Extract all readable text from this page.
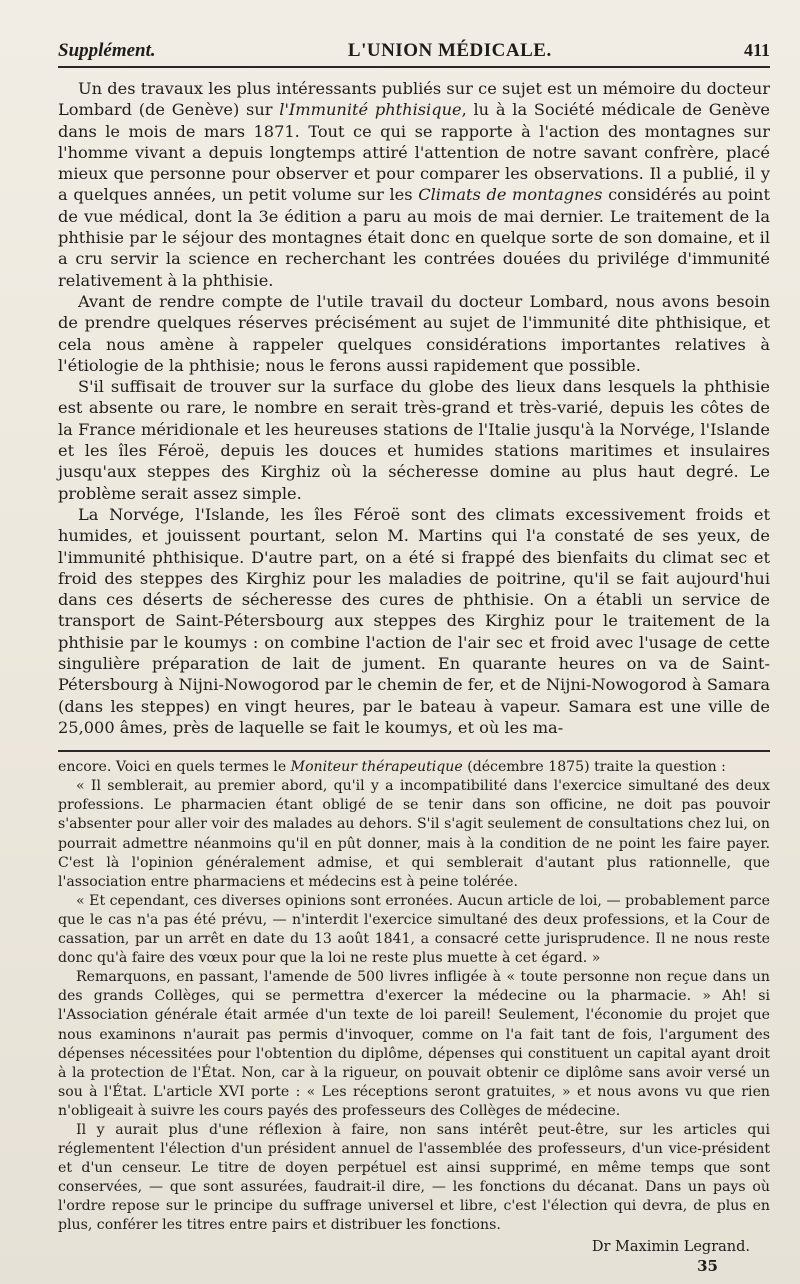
Supplément.	L'UNION MÉDICALE.	411

Un des travaux les plus intéressants publiés sur ce sujet est un mémoire du docteur Lombard (de Genève) sur l'Immunité phthisique, lu à la Société médicale de Genève dans le mois de mars 1871. Tout ce qui se rapporte à l'action des montagnes sur l'homme vivant a depuis longtemps attiré l'attention de notre savant confrère, placé mieux que personne pour observer et pour comparer les observations. Il a publié, il y a quelques années, un petit volume sur les Climats de montagnes considérés au point de vue médical, dont la 3e édition a paru au mois de mai dernier. Le traitement de la phthisie par le séjour des montagnes était donc en quelque sorte de son domaine, et il a cru servir la science en recherchant les contrées douées du privilége d'immunité relativement à la phthisie.

Avant de rendre compte de l'utile travail du docteur Lombard, nous avons besoin de prendre quelques réserves précisément au sujet de l'immunité dite phthisique, et cela nous amène à rappeler quelques considérations importantes relatives à l'étiologie de la phthisie; nous le ferons aussi rapidement que possible.

S'il suffisait de trouver sur la surface du globe des lieux dans lesquels la phthisie est absente ou rare, le nombre en serait très-grand et très-varié, depuis les côtes de la France méridionale et les heureuses stations de l'Italie jusqu'à la Norvége, l'Islande et les îles Féroë, depuis les douces et humides stations maritimes et insulaires jusqu'aux steppes des Kirghiz où la sécheresse domine au plus haut degré. Le problème serait assez simple.

La Norvége, l'Islande, les îles Féroë sont des climats excessivement froids et humides, et jouissent pourtant, selon M. Martins qui l'a constaté de ses yeux, de l'immunité phthisique. D'autre part, on a été si frappé des bienfaits du climat sec et froid des steppes des Kirghiz pour les maladies de poitrine, qu'il se fait aujourd'hui dans ces déserts de sécheresse des cures de phthisie. On a établi un service de transport de Saint-Pétersbourg aux steppes des Kirghiz pour le traitement de la phthisie par le koumys : on combine l'action de l'air sec et froid avec l'usage de cette singulière préparation de lait de jument. En quarante heures on va de Saint-Pétersbourg à Nijni-Nowogorod par le chemin de fer, et de Nijni-Nowogorod à Samara (dans les steppes) en vingt heures, par le bateau à vapeur. Samara est une ville de 25,000 âmes, près de laquelle se fait le koumys, et où les ma-

encore. Voici en quels termes le Moniteur thérapeutique (décembre 1875) traite la question :

« Il semblerait, au premier abord, qu'il y a incompatibilité dans l'exercice simultané des deux professions. Le pharmacien étant obligé de se tenir dans son officine, ne doit pas pouvoir s'absenter pour aller voir des malades au dehors. S'il s'agit seulement de consultations chez lui, on pourrait admettre néanmoins qu'il en pût donner, mais à la condition de ne point les faire payer. C'est là l'opinion généralement admise, et qui semblerait d'autant plus rationnelle, que l'association entre pharmaciens et médecins est à peine tolérée.

« Et cependant, ces diverses opinions sont erronées. Aucun article de loi, — probablement parce que le cas n'a pas été prévu, — n'interdit l'exercice simultané des deux professions, et la Cour de cassation, par un arrêt en date du 13 août 1841, a consacré cette jurisprudence. Il ne nous reste donc qu'à faire des vœux pour que la loi ne reste plus muette à cet égard. »

Remarquons, en passant, l'amende de 500 livres infligée à « toute personne non reçue dans un des grands Collèges, qui se permettra d'exercer la médecine ou la pharmacie. » Ah! si l'Association générale était armée d'un texte de loi pareil! Seulement, l'économie du projet que nous examinons n'aurait pas permis d'invoquer, comme on l'a fait tant de fois, l'argument des dépenses nécessitées pour l'obtention du diplôme, dépenses qui constituent un capital ayant droit à la protection de l'État. Non, car à la rigueur, on pouvait obtenir ce diplôme sans avoir versé un sou à l'État. L'article XVI porte : « Les réceptions seront gratuites, » et nous avons vu que rien n'obligeait à suivre les cours payés des professeurs des Collèges de médecine.

Il y aurait plus d'une réflexion à faire, non sans intérêt peut-être, sur les articles qui réglementent l'élection d'un président annuel de l'assemblée des professeurs, d'un vice-président et d'un censeur. Le titre de doyen perpétuel est ainsi supprimé, en même temps que sont conservées, — que sont assurées, faudrait-il dire, — les fonctions du décanat. Dans un pays où l'ordre repose sur le principe du suffrage universel et libre, c'est l'élection qui devra, de plus en plus, conférer les titres entre pairs et distribuer les fonctions.

Dr Maximin Legrand.
35
